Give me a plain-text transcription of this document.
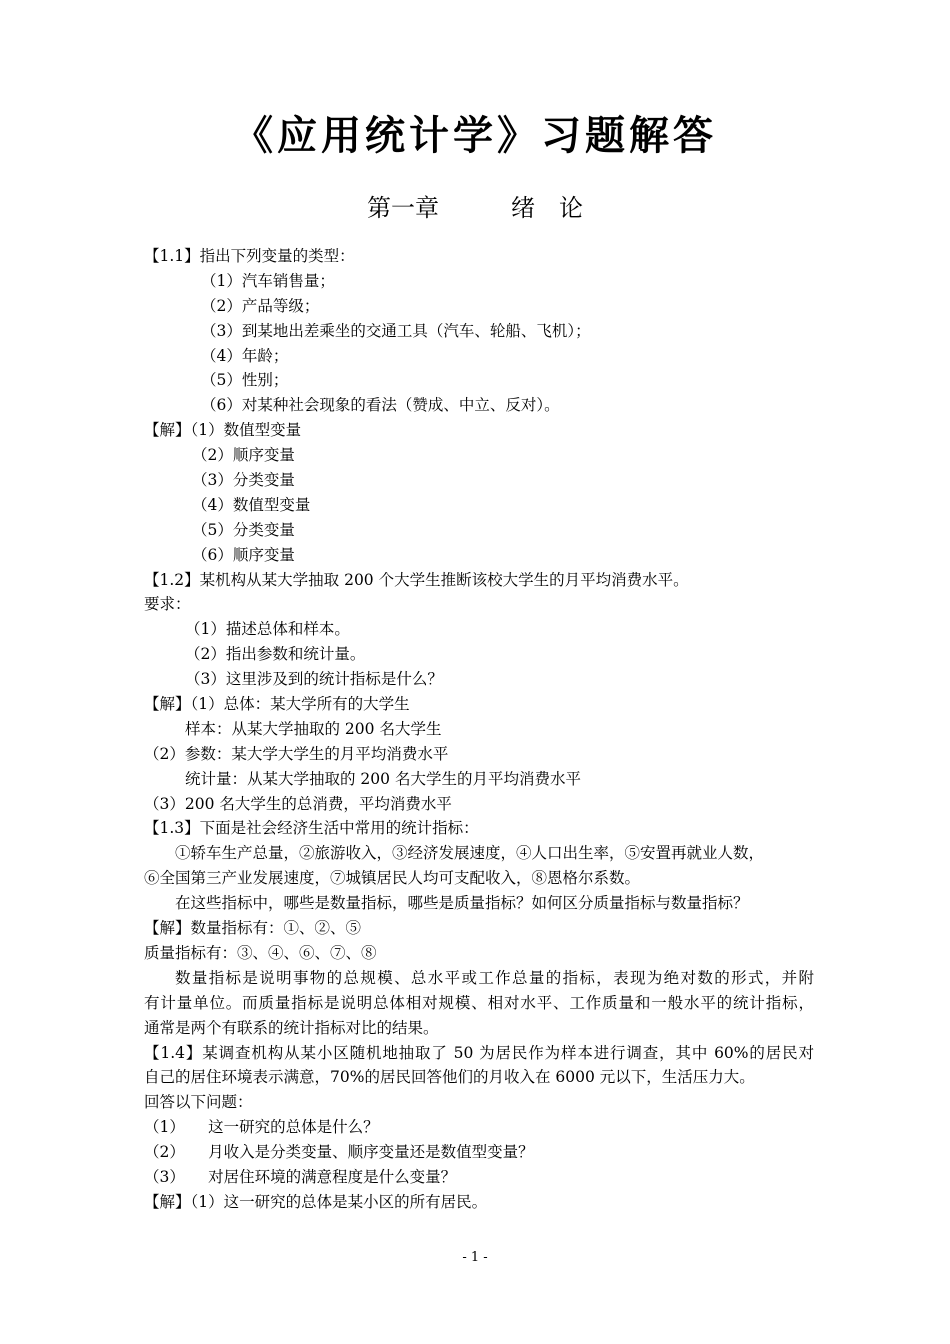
《应用统计学》习题解答
第一章　　　绪　论
【1.1】指出下列变量的类型：
（1）汽车销售量；
（2）产品等级；
（3）到某地出差乘坐的交通工具（汽车、轮船、飞机）；
（4）年龄；
（5）性别；
（6）对某种社会现象的看法（赞成、中立、反对）。
【解】（1）数值型变量
（2）顺序变量
（3）分类变量
（4）数值型变量
（5）分类变量
（6）顺序变量
【1.2】某机构从某大学抽取 200 个大学生推断该校大学生的月平均消费水平。
要求：
（1）描述总体和样本。
（2）指出参数和统计量。
（3）这里涉及到的统计指标是什么？
【解】（1）总体：某大学所有的大学生
样本：从某大学抽取的 200 名大学生
（2）参数：某大学大学生的月平均消费水平
统计量：从某大学抽取的 200 名大学生的月平均消费水平
（3）200 名大学生的总消费，平均消费水平
【1.3】下面是社会经济生活中常用的统计指标：
①轿车生产总量，②旅游收入，③经济发展速度，④人口出生率，⑤安置再就业人数，
⑥全国第三产业发展速度，⑦城镇居民人均可支配收入，⑧恩格尔系数。
在这些指标中，哪些是数量指标，哪些是质量指标？如何区分质量指标与数量指标？
【解】数量指标有：①、②、⑤
质量指标有：③、④、⑥、⑦、⑧
数量指标是说明事物的总规模、总水平或工作总量的指标，表现为绝对数的形式，并附
有计量单位。而质量指标是说明总体相对规模、相对水平、工作质量和一般水平的统计指标，
通常是两个有联系的统计指标对比的结果。
【1.4】某调查机构从某小区随机地抽取了 50 为居民作为样本进行调查，其中 60%的居民对
自己的居住环境表示满意，70%的居民回答他们的月收入在 6000 元以下，生活压力大。
回答以下问题：
（1）　　这一研究的总体是什么？
（2）　　月收入是分类变量、顺序变量还是数值型变量？
（3）　　对居住环境的满意程度是什么变量？
【解】（1）这一研究的总体是某小区的所有居民。
- 1 -
